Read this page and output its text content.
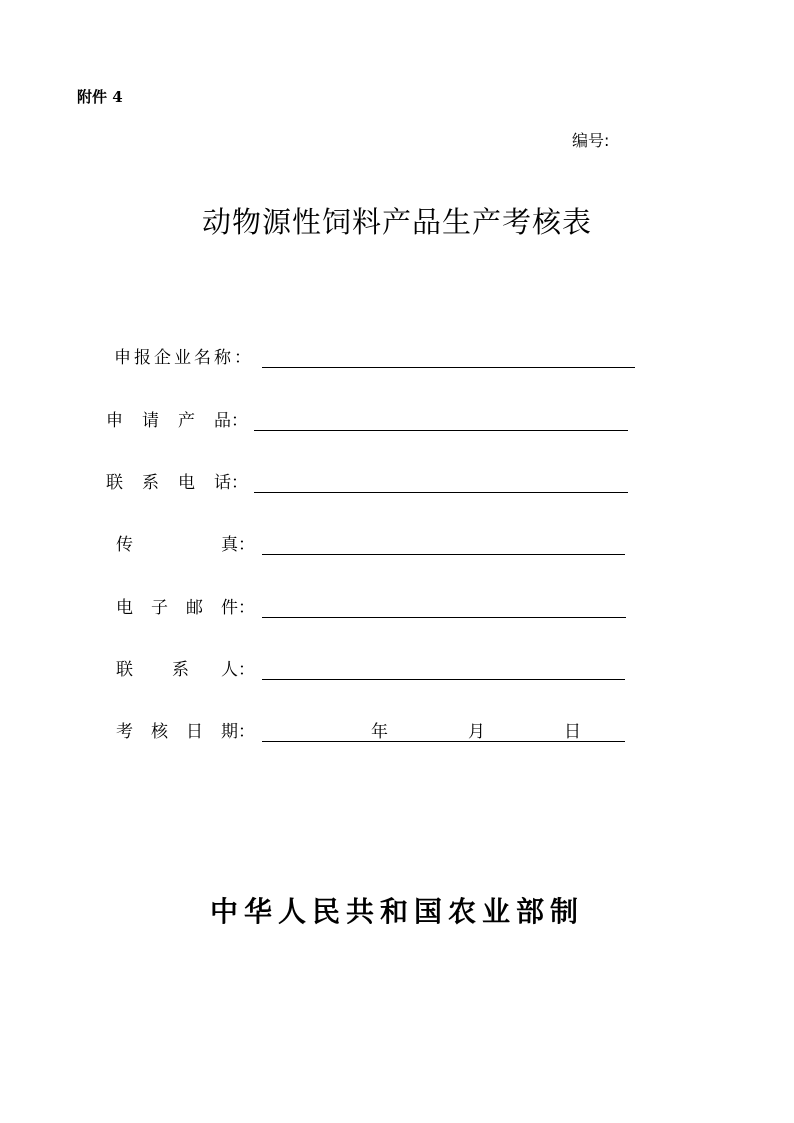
附件 4
编号:
动物源性饲料产品生产考核表
申报企业名称：
申 请 产 品：
联 系 电 话：
传	真：
电 子 邮 件：
联 系 人：
考 核 日 期：	年	月	日
中华人民共和国农业部制
